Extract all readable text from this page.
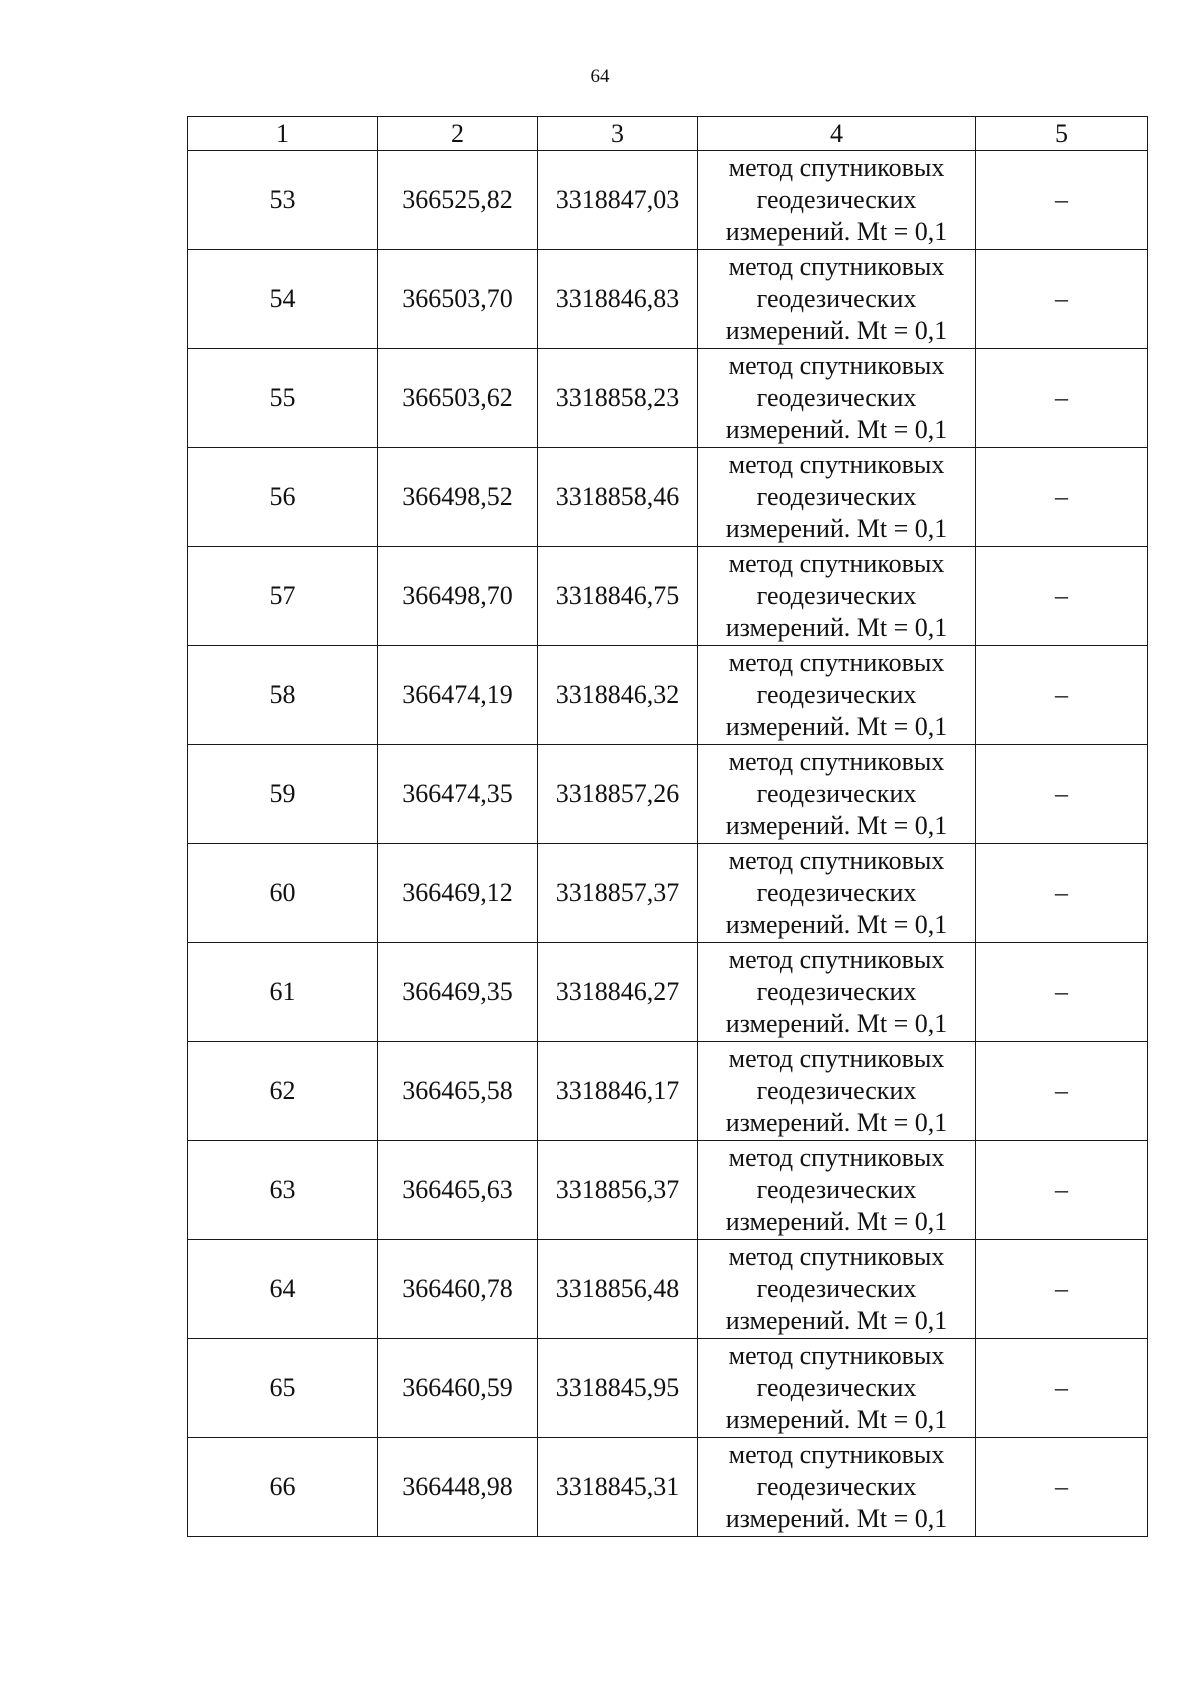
64
1	2	3	4	5
53	366525,82	3318847,03	метод спутниковых
геодезических
измерений. Mt = 0,1	–
54	366503,70	3318846,83	метод спутниковых
геодезических
измерений. Mt = 0,1	–
55	366503,62	3318858,23	метод спутниковых
геодезических
измерений. Mt = 0,1	–
56	366498,52	3318858,46	метод спутниковых
геодезических
измерений. Mt = 0,1	–
57	366498,70	3318846,75	метод спутниковых
геодезических
измерений. Mt = 0,1	–
58	366474,19	3318846,32	метод спутниковых
геодезических
измерений. Mt = 0,1	–
59	366474,35	3318857,26	метод спутниковых
геодезических
измерений. Mt = 0,1	–
60	366469,12	3318857,37	метод спутниковых
геодезических
измерений. Mt = 0,1	–
61	366469,35	3318846,27	метод спутниковых
геодезических
измерений. Mt = 0,1	–
62	366465,58	3318846,17	метод спутниковых
геодезических
измерений. Mt = 0,1	–
63	366465,63	3318856,37	метод спутниковых
геодезических
измерений. Mt = 0,1	–
64	366460,78	3318856,48	метод спутниковых
геодезических
измерений. Mt = 0,1	–
65	366460,59	3318845,95	метод спутниковых
геодезических
измерений. Mt = 0,1	–
66	366448,98	3318845,31	метод спутниковых
геодезических
измерений. Mt = 0,1	–
